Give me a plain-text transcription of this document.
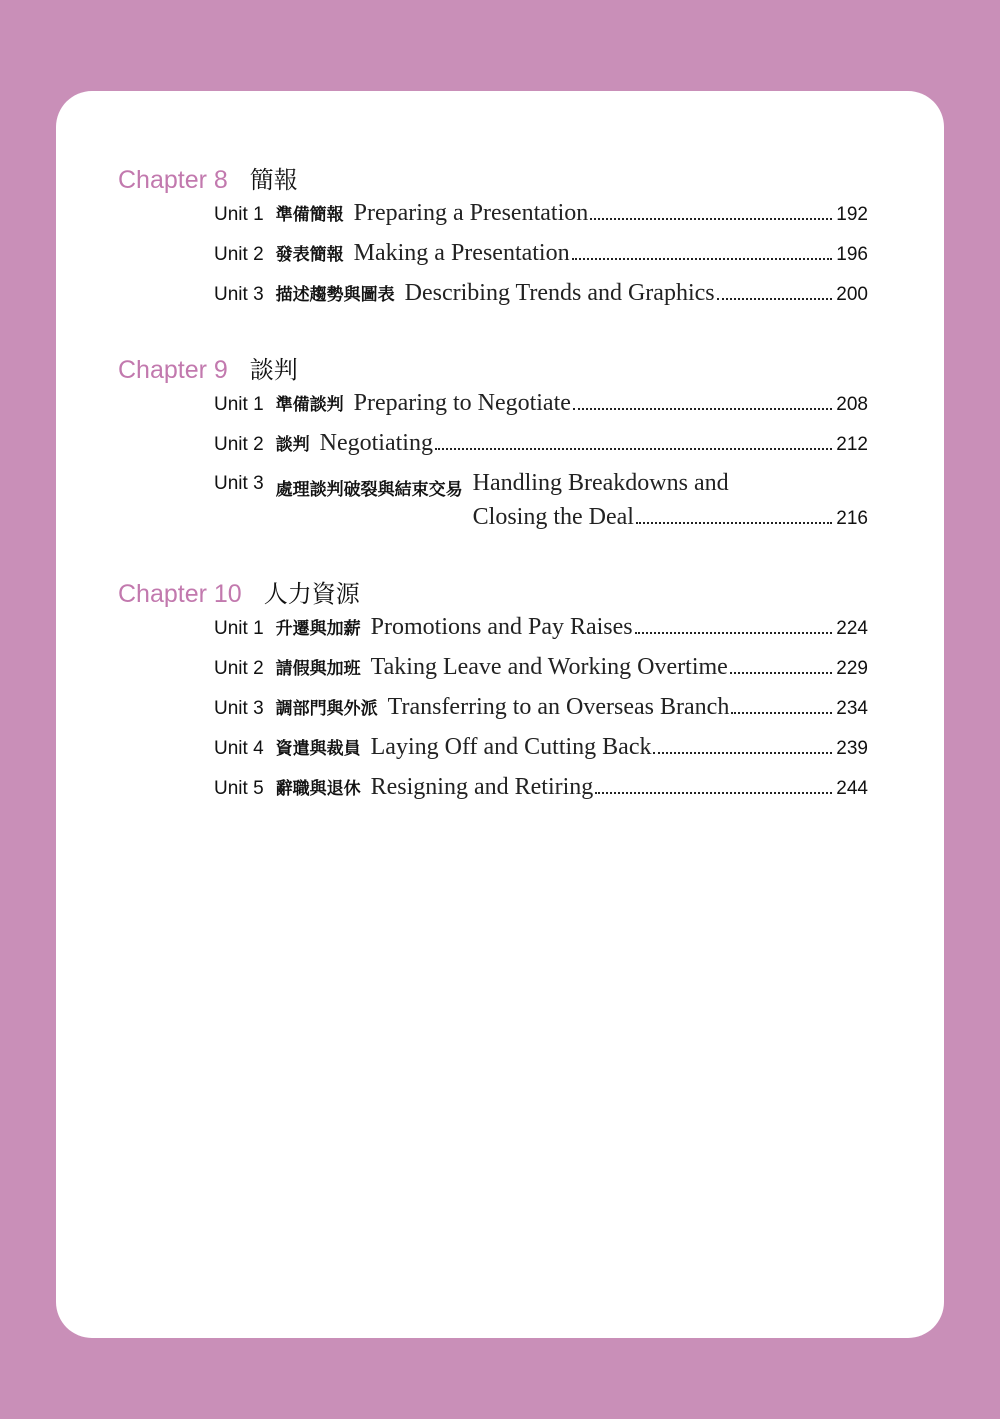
Chapter 8 簡報
Unit 1 準備簡報 Preparing a Presentation	192
Unit 2 發表簡報 Making a Presentation	196
Unit 3 描述趨勢與圖表 Describing Trends and Graphics	200
Chapter 9 談判
Unit 1 準備談判 Preparing to Negotiate	208
Unit 2 談判 Negotiating	212
Unit 3 處理談判破裂與結束交易 Handling Breakdowns and
Closing the Deal	216
Chapter 10 人力資源
Unit 1 升遷與加薪 Promotions and Pay Raises	224
Unit 2 請假與加班 Taking Leave and Working Overtime	229
Unit 3 調部門與外派 Transferring to an Overseas Branch	234
Unit 4 資遣與裁員 Laying Off and Cutting Back	239
Unit 5 辭職與退休 Resigning and Retiring	244
